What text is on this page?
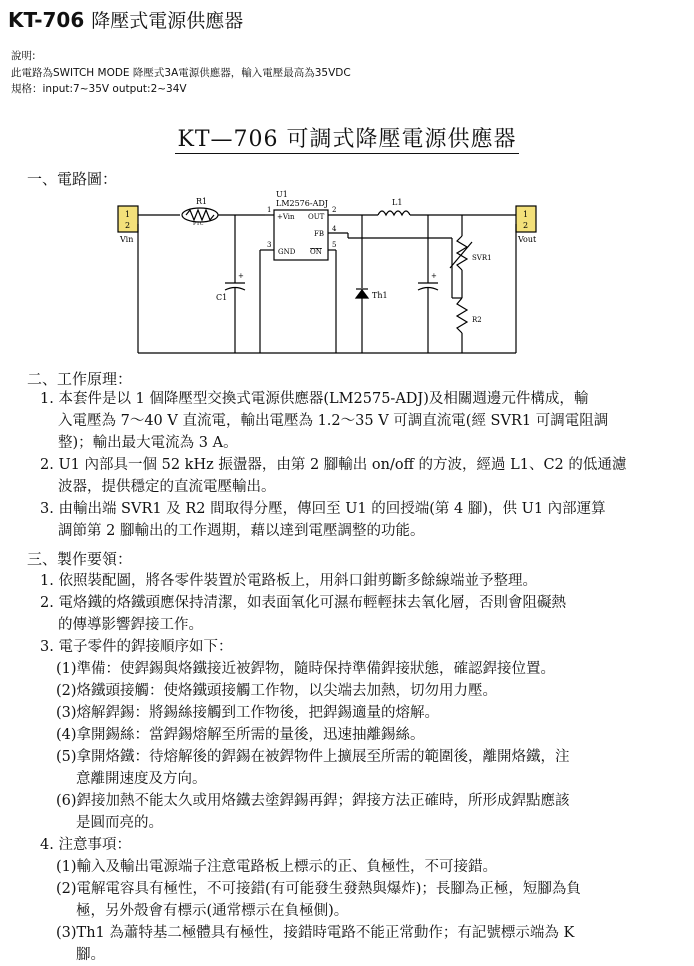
KT-706 降壓式電源供應器
說明:
此電路為SWITCH MODE 降壓式3A電源供應器，輸入電壓最高為35VDC
規格：input:7~35V output:2~34V
KT—706 可調式降壓電源供應器
一、電路圖：
1
2
Vin
R1
PTC
U1
LM2576-ADJ
+Vin OUT
FB
GND ON
1	2
3
4
5
L1
C1
+	+
Th1
SVR1
R2
1
2
Vout
二、工作原理：
1. 本套件是以 1 個降壓型交換式電源供應器(LM2575-ADJ)及相關週邊元件構成，輸
入電壓為 7～40 V 直流電，輸出電壓為 1.2～35 V 可調直流電(經 SVR1 可調電阻調
整)；輸出最大電流為 3 A。
2. U1 內部具一個 52 kHz 振盪器，由第 2 腳輸出 on/off 的方波，經過 L1、C2 的低通濾
波器，提供穩定的直流電壓輸出。
3. 由輸出端 SVR1 及 R2 間取得分壓，傳回至 U1 的回授端(第 4 腳)，供 U1 內部運算
調節第 2 腳輸出的工作週期，藉以達到電壓調整的功能。
三、製作要領：
1. 依照裝配圖，將各零件裝置於電路板上，用斜口鉗剪斷多餘線端並予整理。
2. 電烙鐵的烙鐵頭應保持清潔，如表面氧化可濕布輕輕抹去氧化層，否則會阻礙熱
的傳導影響銲接工作。
3. 電子零件的銲接順序如下：
(1)準備：使銲錫與烙鐵接近被銲物，隨時保持準備銲接狀態，確認銲接位置。
(2)烙鐵頭接觸：使烙鐵頭接觸工作物，以尖端去加熱，切勿用力壓。
(3)熔解銲錫：將錫絲接觸到工作物後，把銲錫適量的熔解。
(4)拿開錫絲：當銲錫熔解至所需的量後，迅速抽離錫絲。
(5)拿開烙鐵：待熔解後的銲錫在被銲物件上擴展至所需的範圍後，離開烙鐵，注
意離開速度及方向。
(6)銲接加熱不能太久或用烙鐵去塗銲錫再銲；銲接方法正確時，所形成銲點應該
是圓而亮的。
4. 注意事項：
(1)輸入及輸出電源端子注意電路板上標示的正、負極性，不可接錯。
(2)電解電容具有極性，不可接錯(有可能發生發熱與爆炸)；長腳為正極，短腳為負
極，另外殼會有標示(通常標示在負極側)。
(3)Th1 為蕭特基二極體具有極性，接錯時電路不能正常動作；有記號標示端為 K
腳。
